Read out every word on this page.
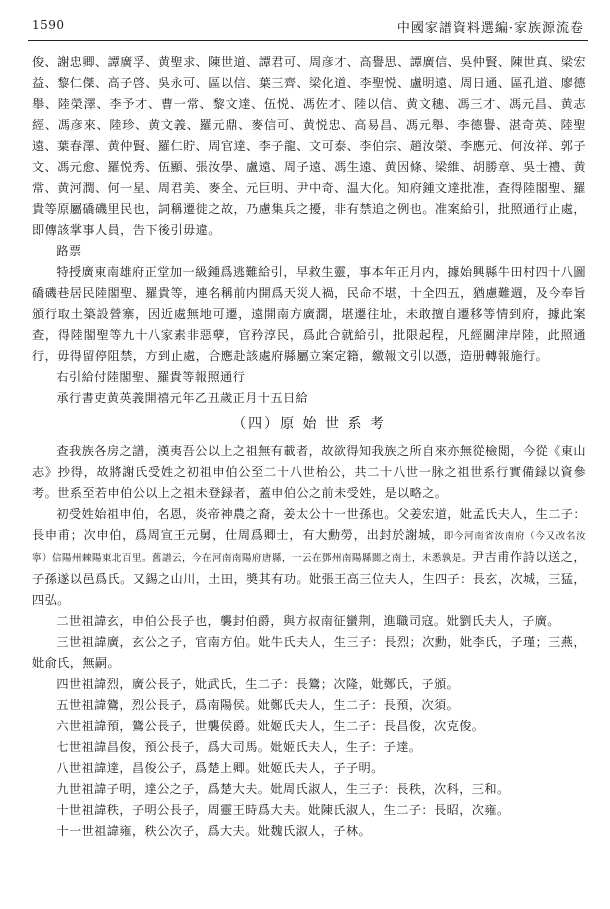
1590	中國家譜資料選編·家族源流卷

俊、謝忠卿、譚廣孚、黄聖求、陳世道、譚君可、周彦才、高譽思、譚廣信、吳仲賢、陳世真、梁宏益、黎仁傑、高子啓、吳永可、區以信、葉三齊、梁化道、李聖悦、盧明遠、周日通、區孔道、廖德舉、陸榮澤、李予才、曹一常、黎文達、伍悦、馮佐才、陸以信、黄文穗、馮三才、馮元昌、黄志經、馮彦來、陸珍、黄文義、羅元鼎、麥信可、黄悦忠、高易昌、馮元舉、李德譽、湛奇英、陸聖遠、葉春澤、黄仲賢、羅仁貯、周官達、李子龍、文可泰、李伯宗、趙汝榮、李應元、何汝祥、郭子文、馮元愈、羅悦秀、伍顯、張汝學、盧遠、周子遠、馮生遠、黄因條、梁維、胡勝章、吳士禮、黄常、黄河潤、何一星、周君美、麥全、元巨明、尹中奇、温大化。知府鍾文達批准，查得陸閣聖、羅貴等原屬礄磯里民也，詞稱遷徙之故，乃慮集兵之擾，非有禁追之例也。准案給引，批照通行止處，即傳該掌事人員，告下後引毋違。

路票

特授廣東南雄府正堂加一級鍾爲逃難給引，早救生靈，事本年正月内，據始興縣牛田村四十八圖礄磯巷居民陸閣聖、羅貴等，連名稱前内開爲天災人禍，民命不堪，十全四五，猶慮難週，及今奉旨頒行取土築設營寨，因近處無地可遷，遠開南方廣濶，堪遷往址，未敢擅自遷移等情到府，據此案查，得陸閣聖等九十八家素非惡孽，官矜淳民，爲此合就給引，批限起程，凡經關津岸陸，此照通行，毋得留停阻禁，方到止處，合應赴該處府縣屬立案定籍，繳報文引以憑，造册轉報施行。

右引給付陸閣聖、羅貴等報照通行

承行書吏黄英義開禧元年乙丑歲正月十五日給

（四）原 始 世 系 考

查我族各房之譜，漢夷吾公以上之祖無有載者，故欲得知我族之所自來亦無從檢閲，今從《東山志》抄得，故將謝氏受姓之初祖申伯公至二十八世枱公，共二十八世一脉之祖世系行實備録以資參考。世系至若申伯公以上之祖未登録者，蓋申伯公之前未受姓，是以略之。

初受姓始祖申伯，名恩，炎帝神農之裔，姜太公十一世孫也。父姜宏道，妣孟氏夫人，生二子：長申甫；次申伯，爲周宣王元舅，仕周爲卿士，有大勳勞，出封於謝城，即今河南省汝南府（今又改名汝寧）信陽州棘陽東北百里。舊譜云，今在河南南陽府唐縣，一云在鄧州南陽縣閬之南土，未悉孰是。尹吉甫作詩以送之，子孫遂以邑爲氏。又錫之山川，土田，奬其有功。妣張王高三位夫人，生四子：長玄，次城，三猛，四弘。

二世祖諱玄，申伯公長子也，襲封伯爵，與方叔南征蠻荆，進職司寇。妣劉氏夫人，子廣。

三世祖諱廣，玄公之子，官南方伯。妣牛氏夫人，生三子：長烈；次勳，妣李氏，子瑾；三燕，妣俞氏，無嗣。

四世祖諱烈，廣公長子，妣武氏，生二子：長鷟；次隆，妣鄭氏，子頒。

五世祖諱鷟，烈公長子，爲南陽侯。妣鄭氏夫人，生二子：長預，次須。

六世祖諱預，鷟公長子，世襲侯爵。妣姬氏夫人，生二子：長昌俊，次克俊。

七世祖諱昌俊，預公長子，爲大司馬。妣姬氏夫人，生子：子達。

八世祖諱達，昌俊公子，爲楚上卿。妣姬氏夫人，子子明。

九世祖諱子明，達公之子，爲楚大夫。妣周氏淑人，生三子：長秩，次科，三和。

十世祖諱秩，子明公長子，周靈王時爲大夫。妣陳氏淑人，生二子：長昭，次雍。

十一世祖諱雍，秩公次子，爲大夫。妣魏氏淑人，子林。
